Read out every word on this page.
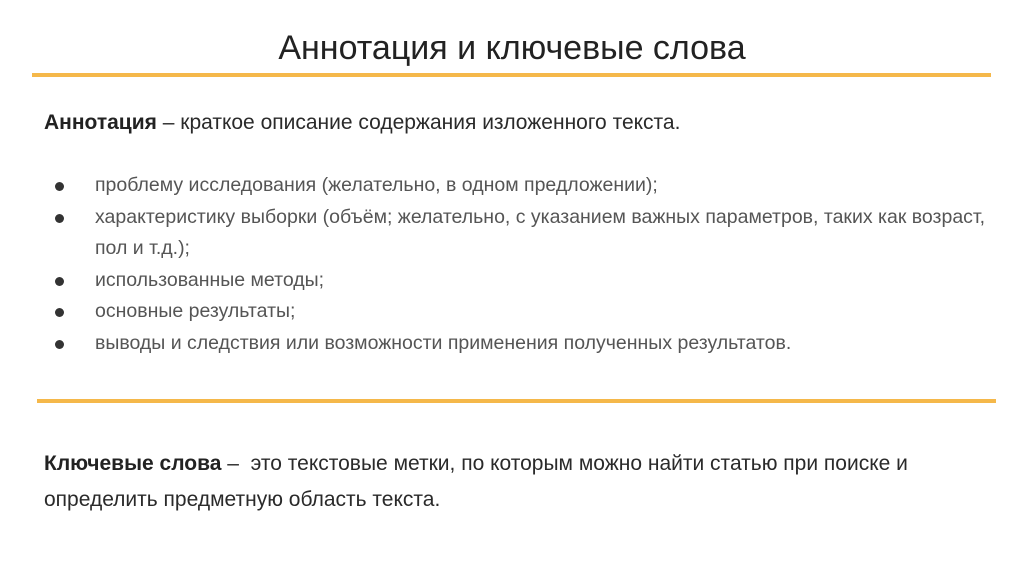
Аннотация и ключевые слова
Аннотация – краткое описание содержания изложенного текста.
проблему исследования (желательно, в одном предложении);
характеристику выборки (объём; желательно, с указанием важных параметров, таких как возраст, пол и т.д.);
использованные методы;
основные результаты;
выводы и следствия или возможности применения полученных результатов.
Ключевые слова – это текстовые метки, по которым можно найти статью при поиске и определить предметную область текста.
